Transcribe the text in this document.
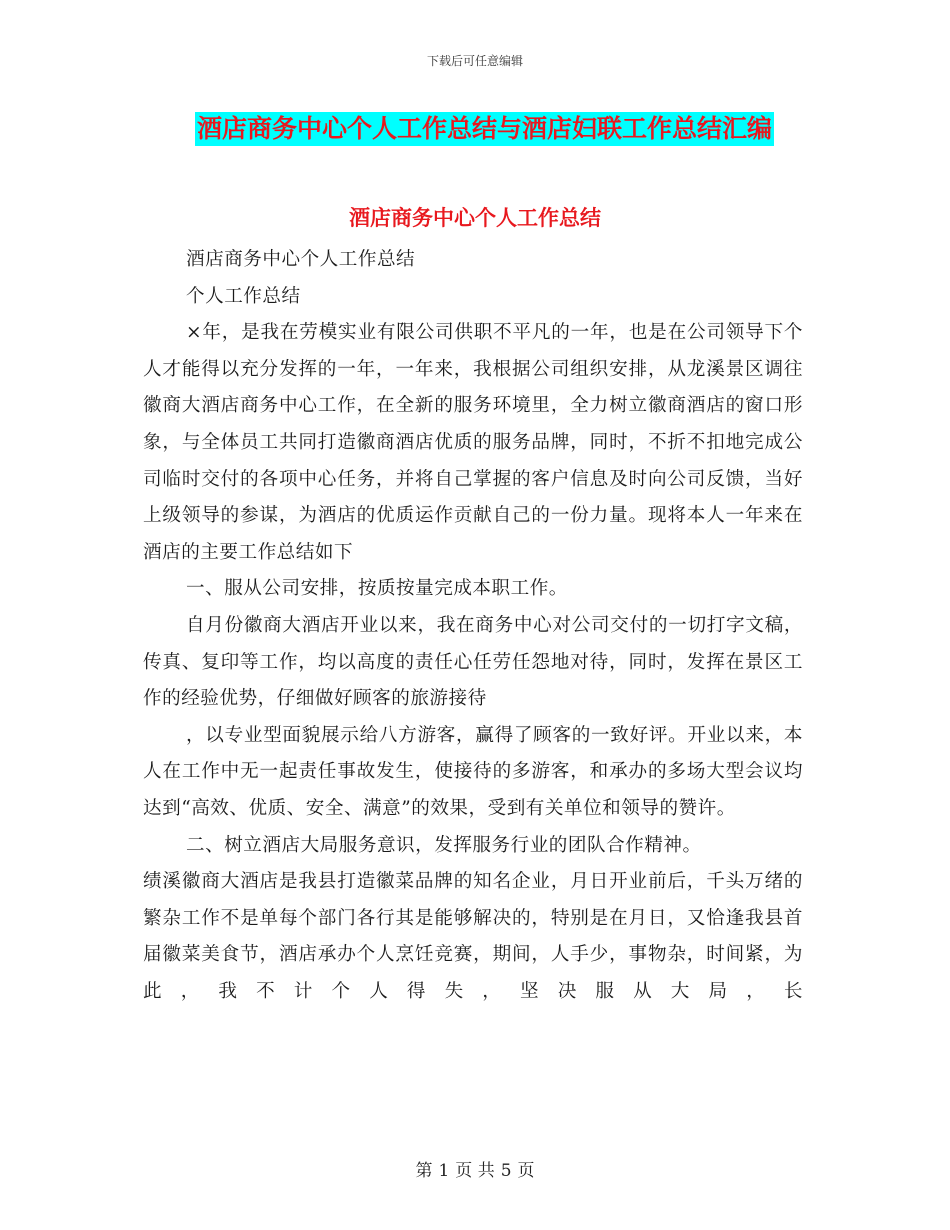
下载后可任意编辑
酒店商务中心个人工作总结与酒店妇联工作总结汇编
酒店商务中心个人工作总结

酒店商务中心个人工作总结

个人工作总结

×年，是我在劳模实业有限公司供职不平凡的一年，也是在公司领导下个人才能得以充分发挥的一年，一年来，我根据公司组织安排，从龙溪景区调往徽商大酒店商务中心工作，在全新的服务环境里，全力树立徽商酒店的窗口形象，与全体员工共同打造徽商酒店优质的服务品牌，同时，不折不扣地完成公司临时交付的各项中心任务，并将自己掌握的客户信息及时向公司反馈，当好上级领导的参谋，为酒店的优质运作贡献自己的一份力量。现将本人一年来在酒店的主要工作总结如下

一、服从公司安排，按质按量完成本职工作。

自月份徽商大酒店开业以来，我在商务中心对公司交付的一切打字文稿，传真、复印等工作，均以高度的责任心任劳任怨地对待，同时，发挥在景区工作的经验优势，仔细做好顾客的旅游接待

，以专业型面貌展示给八方游客，赢得了顾客的一致好评。开业以来，本人在工作中无一起责任事故发生，使接待的多游客，和承办的多场大型会议均达到“高效、优质、安全、满意”的效果，受到有关单位和领导的赞许。

二、树立酒店大局服务意识，发挥服务行业的团队合作精神。

绩溪徽商大酒店是我县打造徽菜品牌的知名企业，月日开业前后，千头万绪的繁杂工作不是单每个部门各行其是能够解决的，特别是在月日，又恰逢我县首届徽菜美食节，酒店承办个人烹饪竞赛，期间，人手少，事物杂，时间紧，为此，我不计个人得失，坚决服从大局，长

第 1 页 共 5 页
